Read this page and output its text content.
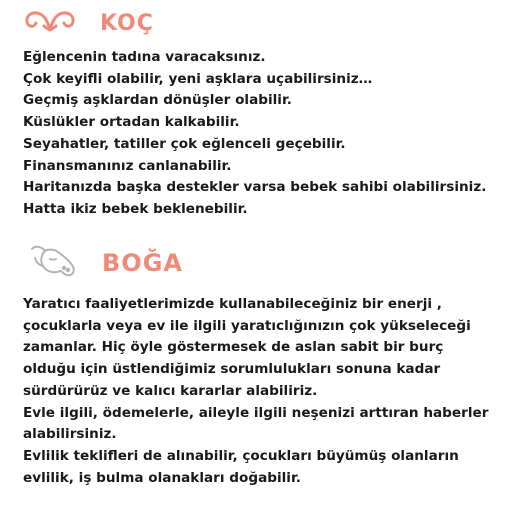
KOÇ
Eğlencenin tadına varacaksınız.
Çok keyifli olabilir, yeni aşklara uçabilirsiniz…
Geçmiş aşklardan dönüşler olabilir.
Küslükler ortadan kalkabilir.
Seyahatler, tatiller çok eğlenceli geçebilir.
Finansmanınız canlanabilir.
Haritanızda başka destekler varsa bebek sahibi olabilirsiniz.
Hatta ikiz bebek beklenebilir.
BOĞA
Yaratıcı faaliyetlerimizde kullanabileceğiniz bir enerji ,
çocuklarla veya ev ile ilgili yaratıclığınızın çok yükseleceği
zamanlar. Hiç öyle göstermesek de aslan sabit bir burç
olduğu için üstlendiğimiz sorumlulukları sonuna kadar
sürdürürüz ve kalıcı kararlar alabiliriz.
Evle ilgili, ödemelerle, aileyle ilgili neşenizi arttıran haberler
alabilirsiniz.
Evlilik teklifleri de alınabilir, çocukları büyümüş olanların
evlilik, iş bulma olanakları doğabilir.
